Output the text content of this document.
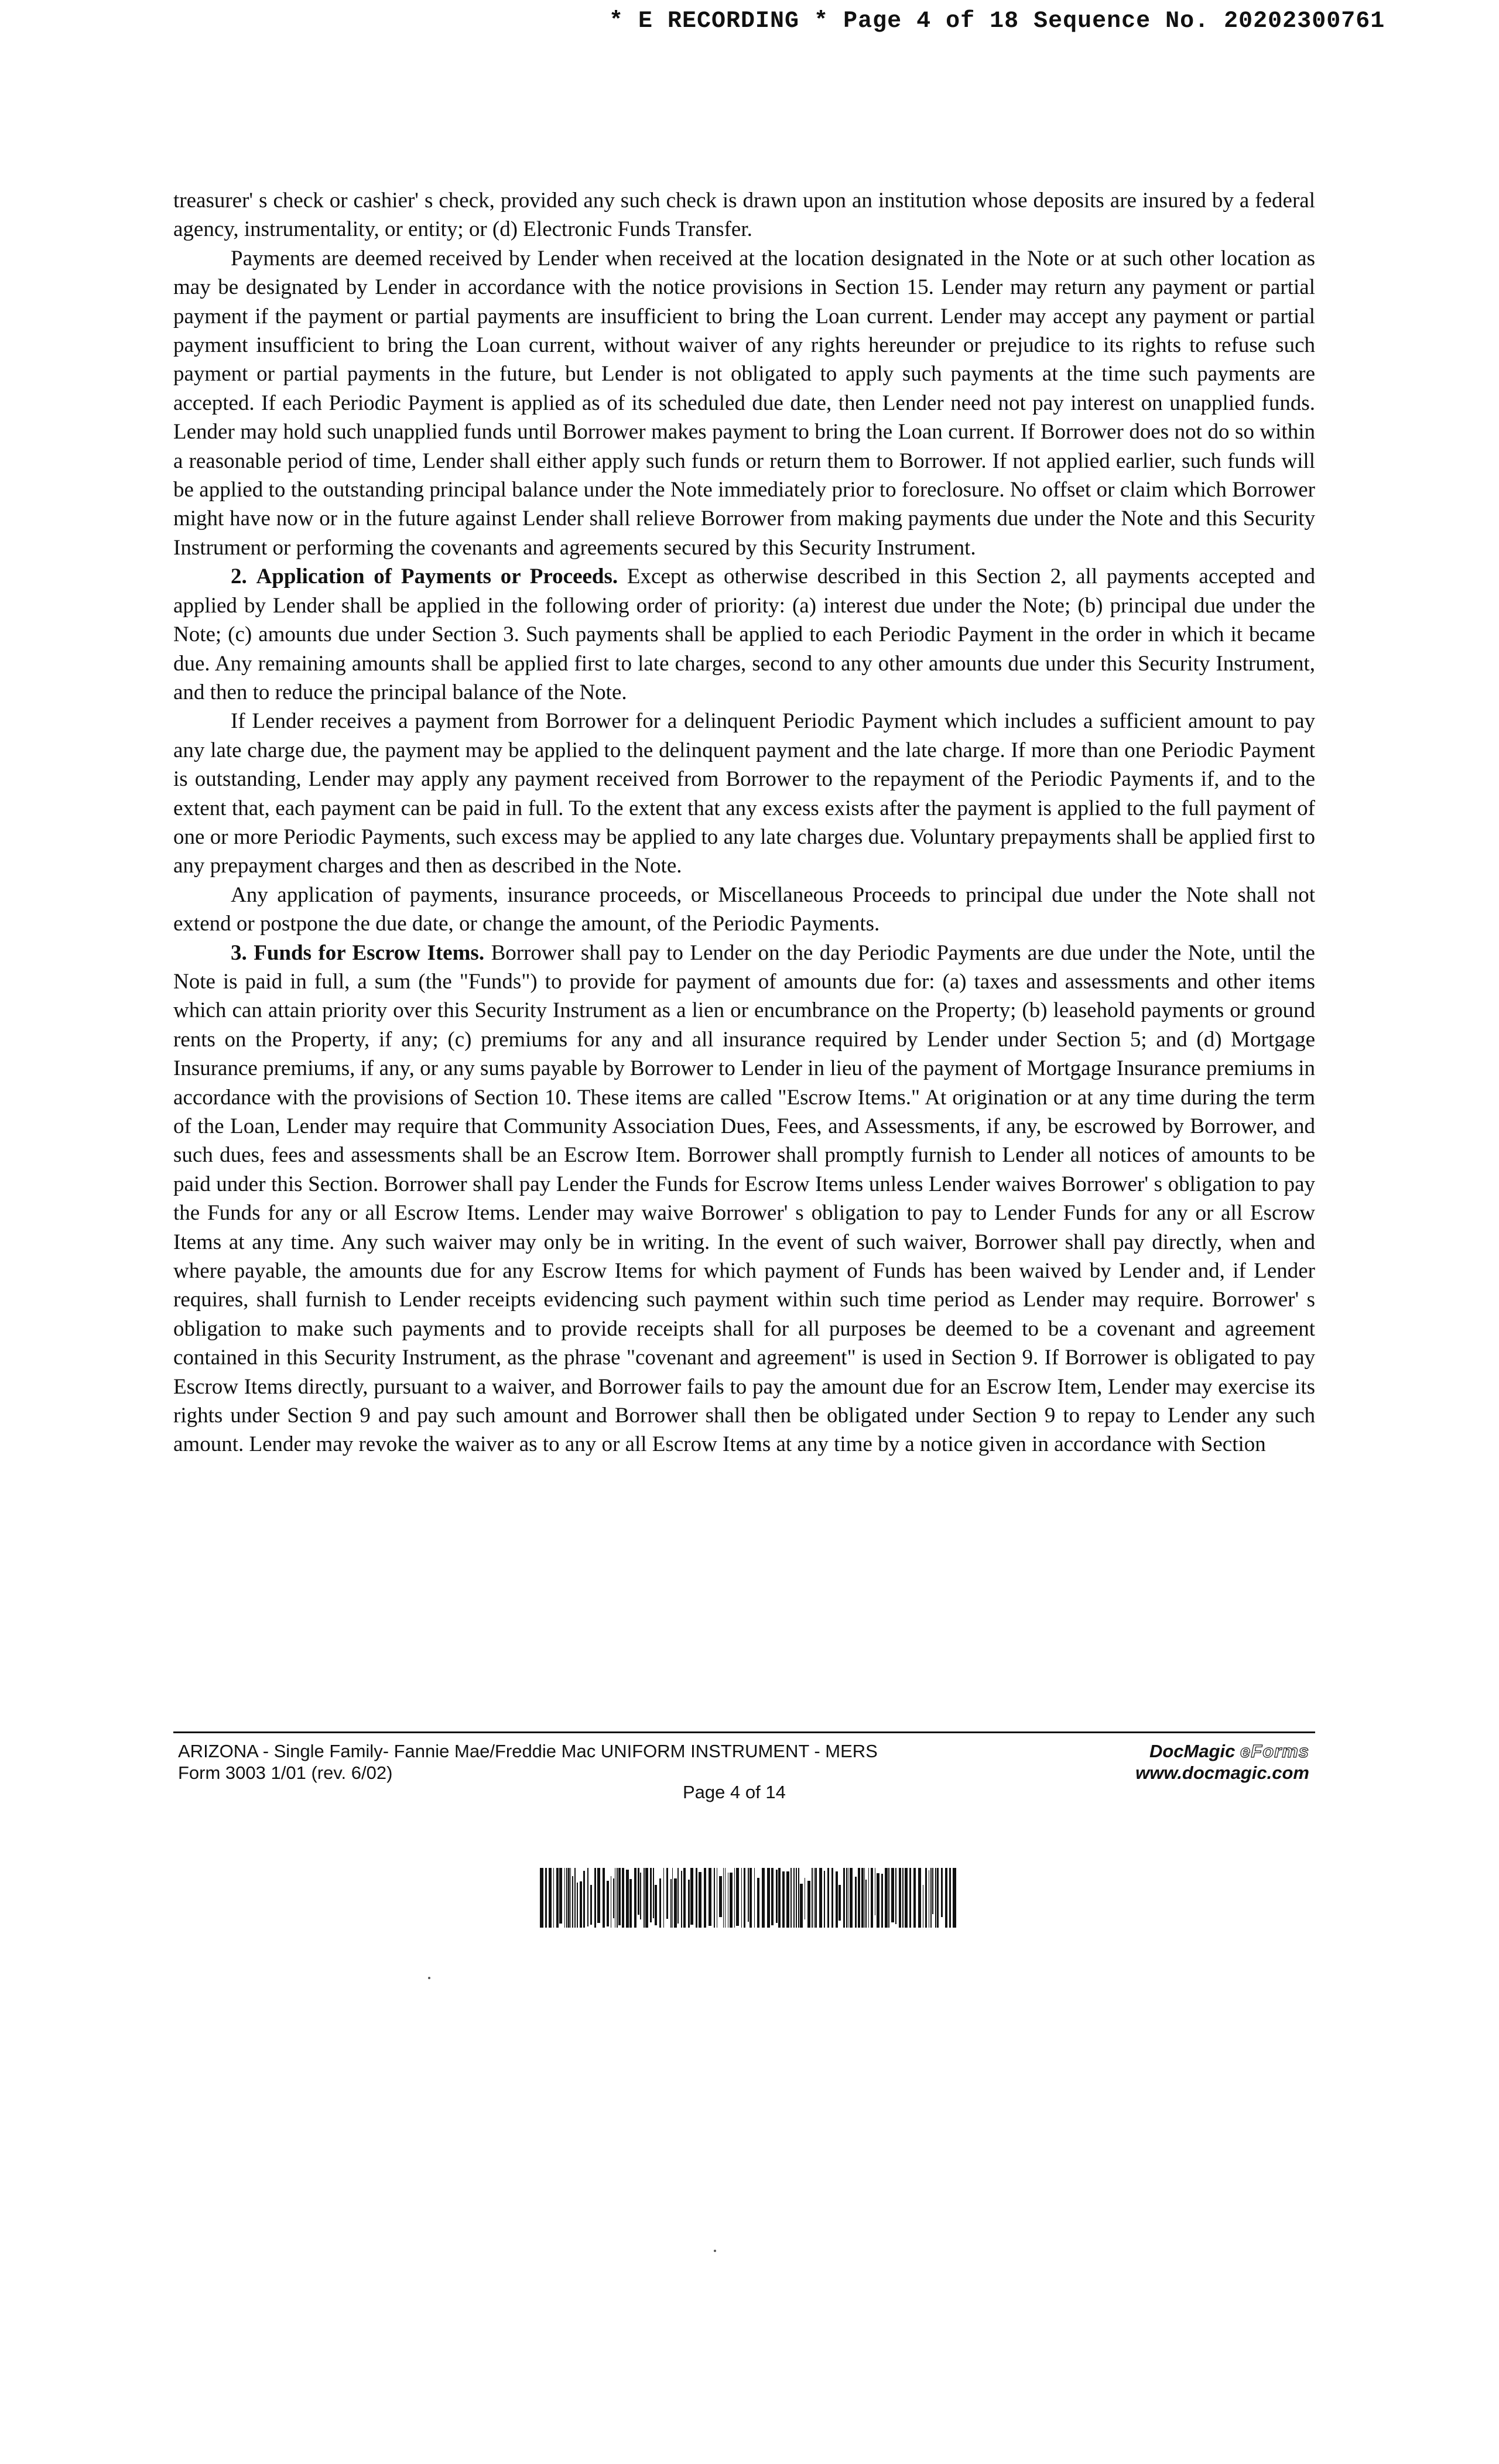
* E RECORDING * Page 4 of 18 Sequence No. 20202300761

treasurer' s check or cashier' s check, provided any such check is drawn upon an institution whose deposits are insured by a federal agency, instrumentality, or entity; or (d) Electronic Funds Transfer.

Payments are deemed received by Lender when received at the location designated in the Note or at such other location as may be designated by Lender in accordance with the notice provisions in Section 15. Lender may return any payment or partial payment if the payment or partial payments are insufficient to bring the Loan current. Lender may accept any payment or partial payment insufficient to bring the Loan current, without waiver of any rights hereunder or prejudice to its rights to refuse such payment or partial payments in the future, but Lender is not obligated to apply such payments at the time such payments are accepted. If each Periodic Payment is applied as of its scheduled due date, then Lender need not pay interest on unapplied funds. Lender may hold such unapplied funds until Borrower makes payment to bring the Loan current. If Borrower does not do so within a reasonable period of time, Lender shall either apply such funds or return them to Borrower. If not applied earlier, such funds will be applied to the outstanding principal balance under the Note immediately prior to foreclosure. No offset or claim which Borrower might have now or in the future against Lender shall relieve Borrower from making payments due under the Note and this Security Instrument or performing the covenants and agreements secured by this Security Instrument.

2. Application of Payments or Proceeds. Except as otherwise described in this Section 2, all payments accepted and applied by Lender shall be applied in the following order of priority: (a) interest due under the Note; (b) principal due under the Note; (c) amounts due under Section 3. Such payments shall be applied to each Periodic Payment in the order in which it became due. Any remaining amounts shall be applied first to late charges, second to any other amounts due under this Security Instrument, and then to reduce the principal balance of the Note.

If Lender receives a payment from Borrower for a delinquent Periodic Payment which includes a sufficient amount to pay any late charge due, the payment may be applied to the delinquent payment and the late charge. If more than one Periodic Payment is outstanding, Lender may apply any payment received from Borrower to the repayment of the Periodic Payments if, and to the extent that, each payment can be paid in full. To the extent that any excess exists after the payment is applied to the full payment of one or more Periodic Payments, such excess may be applied to any late charges due. Voluntary prepayments shall be applied first to any prepayment charges and then as described in the Note.

Any application of payments, insurance proceeds, or Miscellaneous Proceeds to principal due under the Note shall not extend or postpone the due date, or change the amount, of the Periodic Payments.

3. Funds for Escrow Items. Borrower shall pay to Lender on the day Periodic Payments are due under the Note, until the Note is paid in full, a sum (the "Funds") to provide for payment of amounts due for: (a) taxes and assessments and other items which can attain priority over this Security Instrument as a lien or encumbrance on the Property; (b) leasehold payments or ground rents on the Property, if any; (c) premiums for any and all insurance required by Lender under Section 5; and (d) Mortgage Insurance premiums, if any, or any sums payable by Borrower to Lender in lieu of the payment of Mortgage Insurance premiums in accordance with the provisions of Section 10. These items are called "Escrow Items." At origination or at any time during the term of the Loan, Lender may require that Community Association Dues, Fees, and Assessments, if any, be escrowed by Borrower, and such dues, fees and assessments shall be an Escrow Item. Borrower shall promptly furnish to Lender all notices of amounts to be paid under this Section. Borrower shall pay Lender the Funds for Escrow Items unless Lender waives Borrower' s obligation to pay the Funds for any or all Escrow Items. Lender may waive Borrower' s obligation to pay to Lender Funds for any or all Escrow Items at any time. Any such waiver may only be in writing. In the event of such waiver, Borrower shall pay directly, when and where payable, the amounts due for any Escrow Items for which payment of Funds has been waived by Lender and, if Lender requires, shall furnish to Lender receipts evidencing such payment within such time period as Lender may require. Borrower' s obligation to make such payments and to provide receipts shall for all purposes be deemed to be a covenant and agreement contained in this Security Instrument, as the phrase "covenant and agreement" is used in Section 9. If Borrower is obligated to pay Escrow Items directly, pursuant to a waiver, and Borrower fails to pay the amount due for an Escrow Item, Lender may exercise its rights under Section 9 and pay such amount and Borrower shall then be obligated under Section 9 to repay to Lender any such amount. Lender may revoke the waiver as to any or all Escrow Items at any time by a notice given in accordance with Section

ARIZONA - Single Family- Fannie Mae/Freddie Mac UNIFORM INSTRUMENT - MERS
Form 3003 1/01 (rev. 6/02)
DocMagic eForms
www.docmagic.com
Page 4 of 14
